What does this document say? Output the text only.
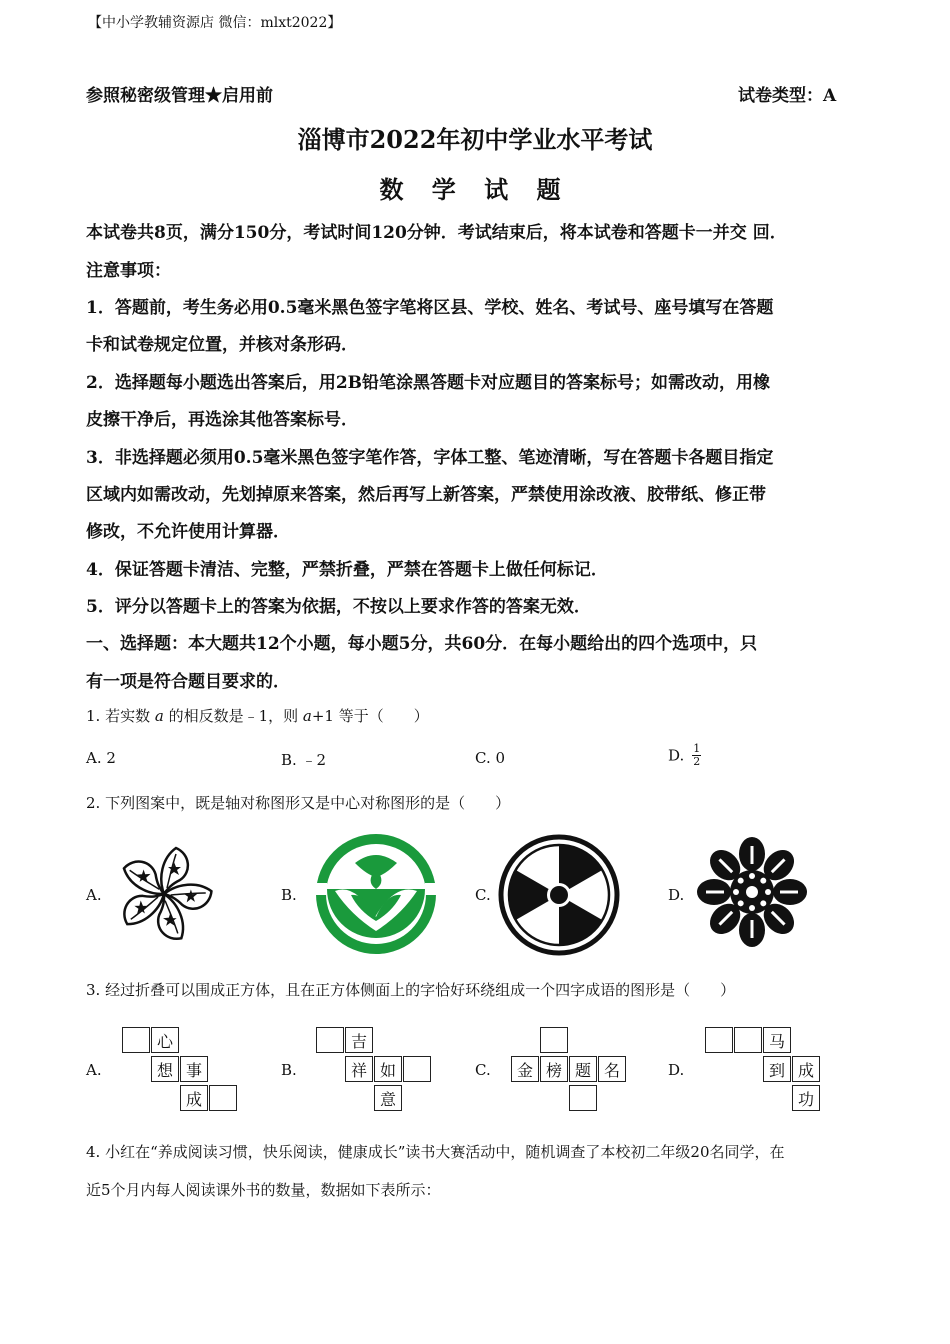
【中小学教辅资源店 微信：mlxt2022】
参照秘密级管理★启用前	试卷类型：A
淄博市2022年初中学业水平考试
数 学 试 题
本试卷共8页，满分150分，考试时间120分钟．考试结束后，将本试卷和答题卡一并交 回．
注意事项：
1．答题前，考生务必用0.5毫米黑色签字笔将区县、学校、姓名、考试号、座号填写在答题
卡和试卷规定位置，并核对条形码．
2．选择题每小题选出答案后，用2B铅笔涂黑答题卡对应题目的答案标号；如需改动，用橡
皮擦干净后，再选涂其他答案标号．
3．非选择题必须用0.5毫米黑色签字笔作答，字体工整、笔迹清晰，写在答题卡各题目指定
区域内如需改动，先划掉原来答案，然后再写上新答案，严禁使用涂改液、胶带纸、修正带
修改，不允许使用计算器．
4．保证答题卡清洁、完整，严禁折叠，严禁在答题卡上做任何标记．
5．评分以答题卡上的答案为依据，不按以上要求作答的答案无效．
一、选择题：本大题共12个小题，每小题5分，共60分．在每小题给出的四个选项中，只
有一项是符合题目要求的．
1. 若实数 a 的相反数是﹣1，则 a+1 等于（　　）
A. 2	B. ﹣2	C. 0	D. $\frac{1}{2}$
2. 下列图案中，既是轴对称图形又是中心对称图形的是（　　）
A.	B.	C.	D.
3. 经过折叠可以围成正方体，且在正方体侧面上的字恰好环绕组成一个四字成语的图形是（　　）
A.	B.	C.	D.
心
想 事
成
吉
祥 如
意
金 榜 题 名
马
到 成
功
4. 小红在“养成阅读习惯，快乐阅读，健康成长”读书大赛活动中，随机调查了本校初二年级20名同学，在
近5个月内每人阅读课外书的数量，数据如下表所示：
